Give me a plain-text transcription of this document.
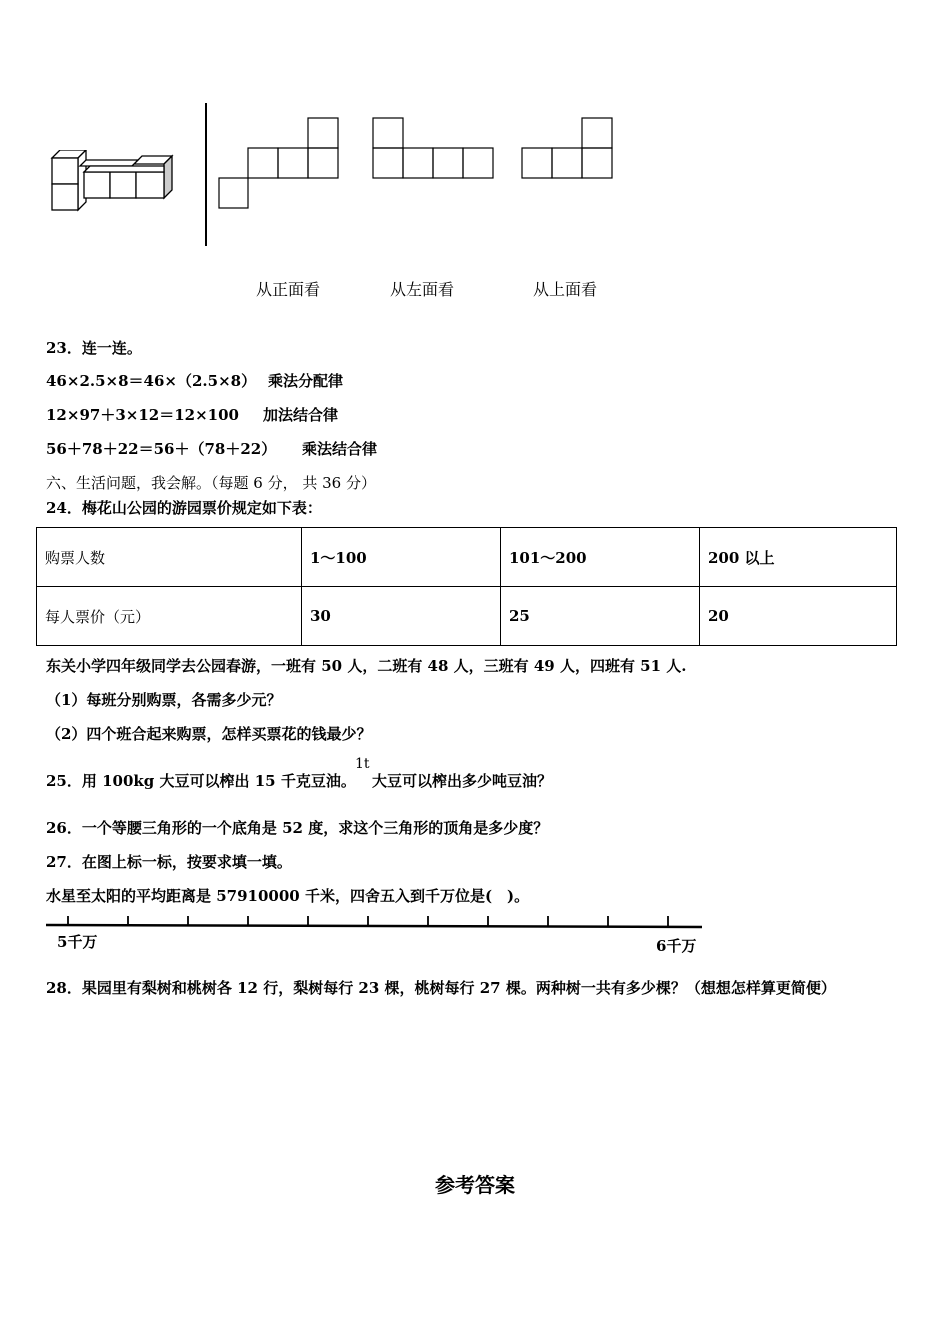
从正面看	从左面看	从上面看
23．连一连。
46×2.5×8＝46×（2.5×8） 乘法分配律
12×97＋3×12＝12×100 加法结合律
56＋78＋22＝56＋（78＋22） 乘法结合律
六、生活问题，我会解。（每题 6 分， 共 36 分）
24．梅花山公园的游园票价规定如下表：
购票人数	1～100	101～200	200 以上
每人票价（元）	30	25	20
东关小学四年级同学去公园春游，一班有 50 人，二班有 48 人，三班有 49 人，四班有 51 人.
（1）每班分别购票，各需多少元？
（2）四个班合起来购票，怎样买票花的钱最少？
25．用 100kg 大豆可以榨出 15 千克豆油。
1t
大豆可以榨出多少吨豆油？
26．一个等腰三角形的一个底角是 52 度，求这个三角形的顶角是多少度？
27．在图上标一标，按要求填一填。
水星至太阳的平均距离是 57910000 千米，四舍五入到千万位是(　)。
5千万	6千万
28．果园里有梨树和桃树各 12 行，梨树每行 23 棵，桃树每行 27 棵。两种树一共有多少棵？（想想怎样算更简便）
参考答案
